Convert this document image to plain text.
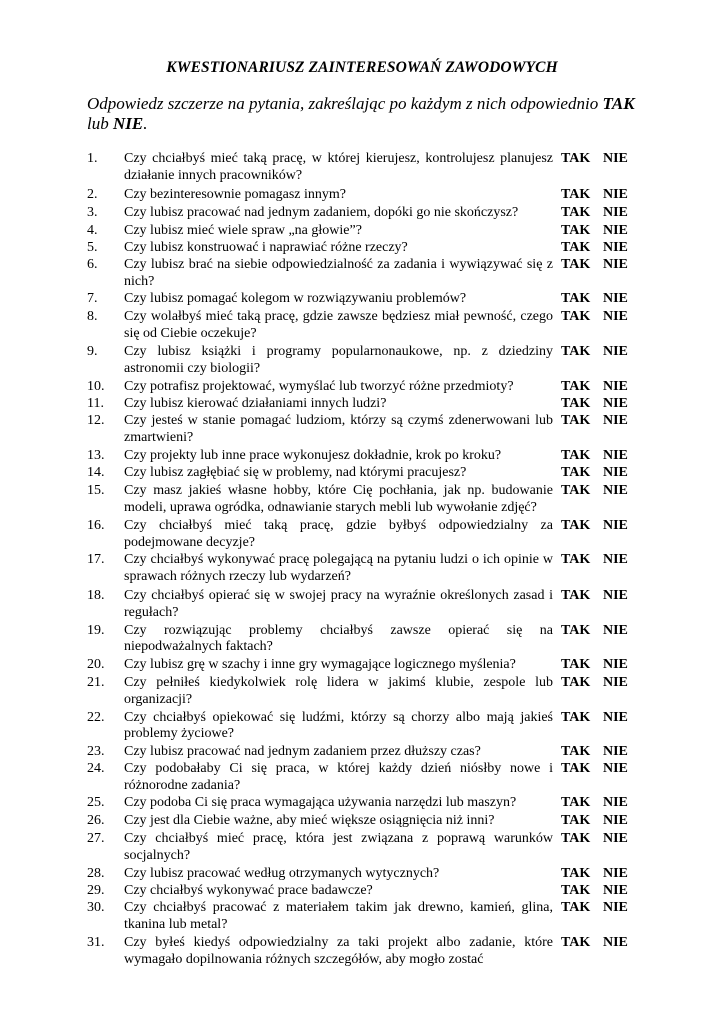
KWESTIONARIUSZ ZAINTERESOWAŃ ZAWODOWYCH

Odpowiedz szczerze na pytania, zakreślając po każdym z nich odpowiednio TAK lub NIE.

1. Czy chciałbyś mieć taką pracę, w której kierujesz, kontrolujesz planujesz działanie innych pracowników?
TAK NIE
2. Czy bezinteresownie pomagasz innym?	TAK NIE
3. Czy lubisz pracować nad jednym zadaniem, dopóki go nie skończysz?	TAK NIE
4. Czy lubisz mieć wiele spraw „na głowie”?	TAK NIE
5. Czy lubisz konstruować i naprawiać różne rzeczy?	TAK NIE
6. Czy lubisz brać na siebie odpowiedzialność za zadania i wywiązywać się z nich?
TAK NIE
7. Czy lubisz pomagać kolegom w rozwiązywaniu problemów?	TAK NIE
8. Czy wolałbyś mieć taką pracę, gdzie zawsze będziesz miał pewność, czego się od Ciebie oczekuje?
TAK NIE
9. Czy lubisz książki i programy popularnonaukowe, np. z dziedziny astronomii czy biologii?
TAK NIE
10. Czy potrafisz projektować, wymyślać lub tworzyć różne przedmioty?	TAK NIE
11. Czy lubisz kierować działaniami innych ludzi?	TAK NIE
12. Czy jesteś w stanie pomagać ludziom, którzy są czymś zdenerwowani lub zmartwieni?
TAK NIE
13. Czy projekty lub inne prace wykonujesz dokładnie, krok po kroku?	TAK NIE
14. Czy lubisz zagłębiać się w problemy, nad którymi pracujesz?	TAK NIE
15. Czy masz jakieś własne hobby, które Cię pochłania, jak np. budowanie modeli, uprawa ogródka, odnawianie starych mebli lub wywołanie zdjęć?
TAK NIE
16. Czy chciałbyś mieć taką pracę, gdzie byłbyś odpowiedzialny za podejmowane decyzje?
TAK NIE
17. Czy chciałbyś wykonywać pracę polegającą na pytaniu ludzi o ich opinie w sprawach różnych rzeczy lub wydarzeń?
TAK NIE
18. Czy chciałbyś opierać się w swojej pracy na wyraźnie określonych zasad i regułach?
TAK NIE
19. Czy rozwiązując problemy chciałbyś zawsze opierać się na niepodważalnych faktach?
TAK NIE
20. Czy lubisz grę w szachy i inne gry wymagające logicznego myślenia?	TAK NIE
21. Czy pełniłeś kiedykolwiek rolę lidera w jakimś klubie, zespole lub organizacji?
TAK NIE
22. Czy chciałbyś opiekować się ludźmi, którzy są chorzy albo mają jakieś problemy życiowe?
TAK NIE
23. Czy lubisz pracować nad jednym zadaniem przez dłuższy czas?	TAK NIE
24. Czy podobałaby Ci się praca, w której każdy dzień niósłby nowe i różnorodne zadania?
TAK NIE
25. Czy podoba Ci się praca wymagająca używania narzędzi lub maszyn?	TAK NIE
26. Czy jest dla Ciebie ważne, aby mieć większe osiągnięcia niż inni?	TAK NIE
27. Czy chciałbyś mieć pracę, która jest związana z poprawą warunków socjalnych?
TAK NIE
28. Czy lubisz pracować według otrzymanych wytycznych?	TAK NIE
29. Czy chciałbyś wykonywać prace badawcze?	TAK NIE
30. Czy chciałbyś pracować z materiałem takim jak drewno, kamień, glina, tkanina lub metal?
TAK NIE
31. Czy byłeś kiedyś odpowiedzialny za taki projekt albo zadanie, które wymagało dopilnowania różnych szczegółów, aby mogło zostać
TAK NIE
